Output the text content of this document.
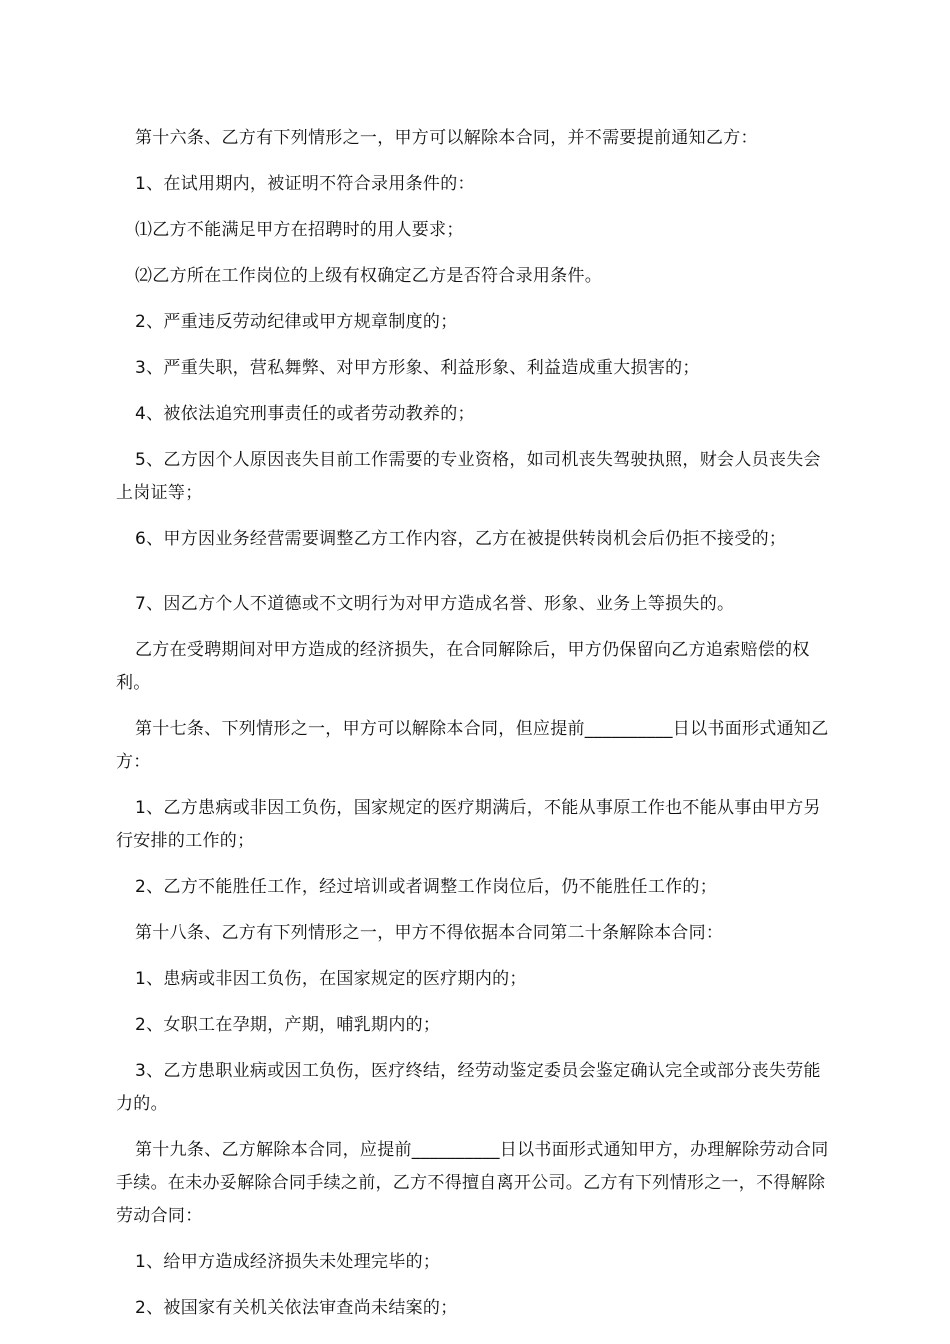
第十六条、乙方有下列情形之一，甲方可以解除本合同，并不需要提前通知乙方：

1、在试用期内，被证明不符合录用条件的：

⑴乙方不能满足甲方在招聘时的用人要求；

⑵乙方所在工作岗位的上级有权确定乙方是否符合录用条件。

2、严重违反劳动纪律或甲方规章制度的；

3、严重失职，营私舞弊、对甲方形象、利益形象、利益造成重大损害的；

4、被依法追究刑事责任的或者劳动教养的；

5、乙方因个人原因丧失目前工作需要的专业资格，如司机丧失驾驶执照，财会人员丧失会上岗证等；

6、甲方因业务经营需要调整乙方工作内容，乙方在被提供转岗机会后仍拒不接受的；

7、因乙方个人不道德或不文明行为对甲方造成名誉、形象、业务上等损失的。

乙方在受聘期间对甲方造成的经济损失，在合同解除后，甲方仍保留向乙方追索赔偿的权利。

第十七条、下列情形之一，甲方可以解除本合同，但应提前__________日以书面形式通知乙方：

1、乙方患病或非因工负伤，国家规定的医疗期满后，不能从事原工作也不能从事由甲方另行安排的工作的；

2、乙方不能胜任工作，经过培训或者调整工作岗位后，仍不能胜任工作的；

第十八条、乙方有下列情形之一，甲方不得依据本合同第二十条解除本合同：

1、患病或非因工负伤，在国家规定的医疗期内的；

2、女职工在孕期，产期，哺乳期内的；

3、乙方患职业病或因工负伤，医疗终结，经劳动鉴定委员会鉴定确认完全或部分丧失劳能力的。

第十九条、乙方解除本合同，应提前__________日以书面形式通知甲方，办理解除劳动合同手续。在未办妥解除合同手续之前，乙方不得擅自离开公司。乙方有下列情形之一，不得解除劳动合同：

1、给甲方造成经济损失未处理完毕的；

2、被国家有关机关依法审查尚未结案的；
